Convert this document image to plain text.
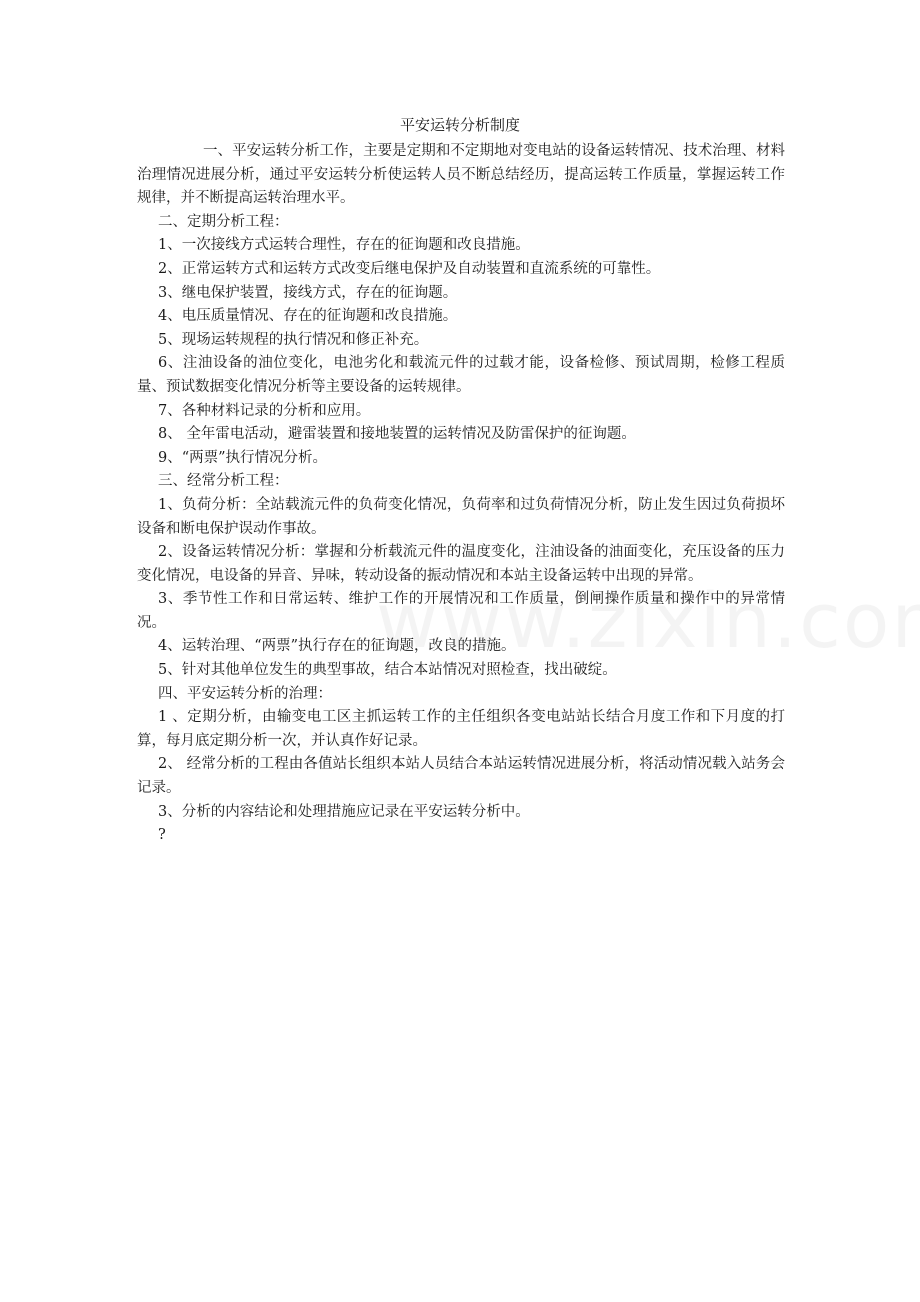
平安运转分析制度

一、平安运转分析工作，主要是定期和不定期地对变电站的设备运转情况、技术治理、材料治理情况进展分析，通过平安运转分析使运转人员不断总结经历，提高运转工作质量，掌握运转工作规律，并不断提高运转治理水平。

二、定期分析工程：

1、一次接线方式运转合理性，存在的征询题和改良措施。

2、正常运转方式和运转方式改变后继电保护及自动装置和直流系统的可靠性。

3、继电保护装置，接线方式，存在的征询题。

4、电压质量情况、存在的征询题和改良措施。

5、现场运转规程的执行情况和修正补充。

6、注油设备的油位变化，电池劣化和载流元件的过载才能，设备检修、预试周期，检修工程质量、预试数据变化情况分析等主要设备的运转规律。

7、各种材料记录的分析和应用。

8、 全年雷电活动，避雷装置和接地装置的运转情况及防雷保护的征询题。

9、“两票”执行情况分析。

三、经常分析工程：

1、负荷分析：全站载流元件的负荷变化情况，负荷率和过负荷情况分析，防止发生因过负荷损坏设备和断电保护误动作事故。

2、设备运转情况分析：掌握和分析载流元件的温度变化，注油设备的油面变化，充压设备的压力变化情况，电设备的异音、异味，转动设备的振动情况和本站主设备运转中出现的异常。

3、季节性工作和日常运转、维护工作的开展情况和工作质量，倒闸操作质量和操作中的异常情况。

4、运转治理、“两票”执行存在的征询题，改良的措施。

5、针对其他单位发生的典型事故，结合本站情况对照检查，找出破绽。

四、平安运转分析的治理：

1 、定期分析，由输变电工区主抓运转工作的主任组织各变电站站长结合月度工作和下月度的打算，每月底定期分析一次，并认真作好记录。

2、 经常分析的工程由各值站长组织本站人员结合本站运转情况进展分析，将活动情况载入站务会记录。

3、分析的内容结论和处理措施应记录在平安运转分析中。

?
